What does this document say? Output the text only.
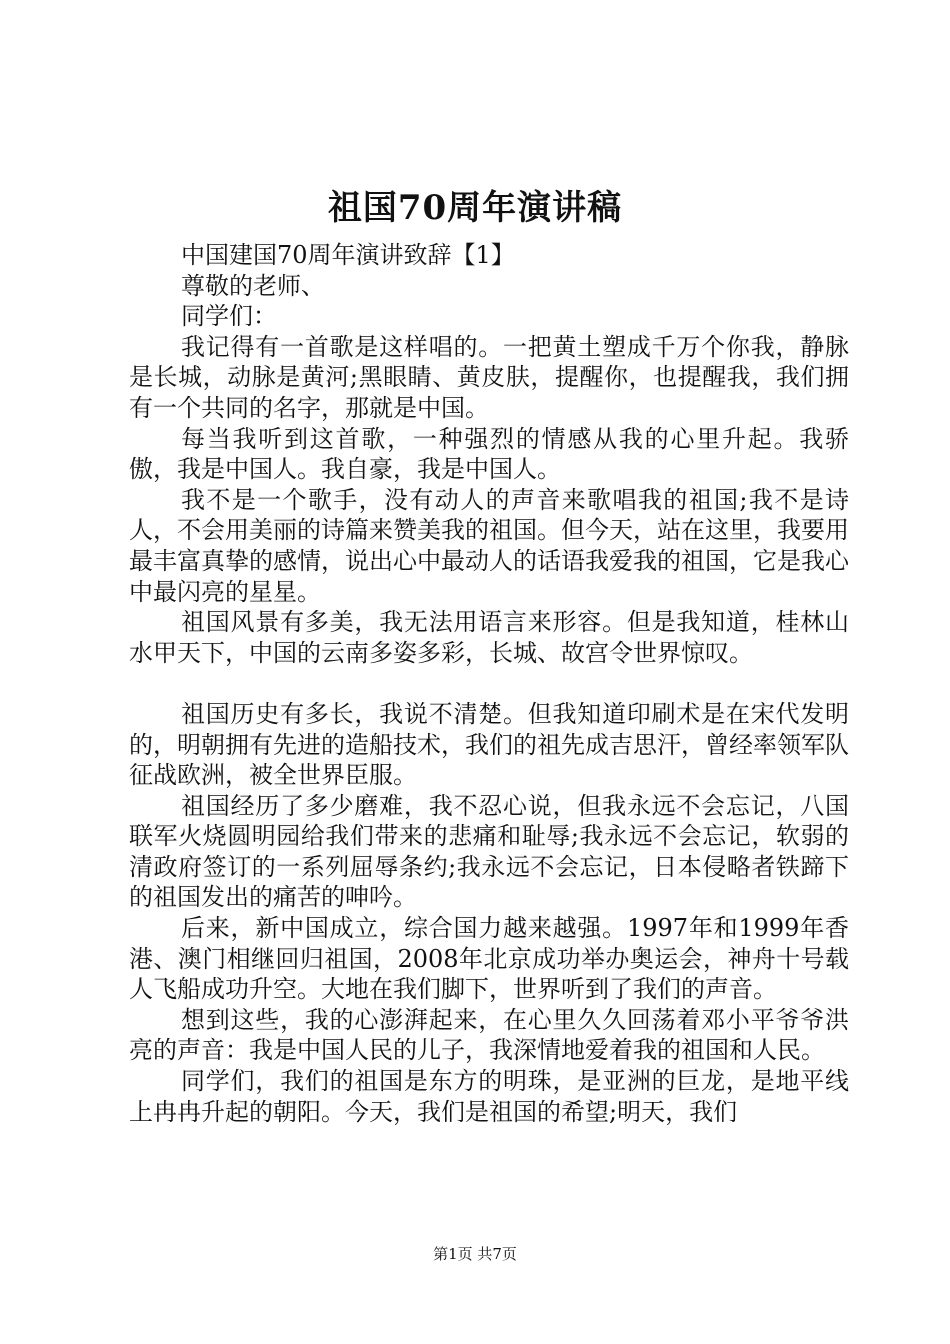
祖国70周年演讲稿

中国建国70周年演讲致辞【1】

尊敬的老师、

同学们：

我记得有一首歌是这样唱的。一把黄土塑成千万个你我，静脉是长城，动脉是黄河;黑眼睛、黄皮肤，提醒你，也提醒我，我们拥有一个共同的名字，那就是中国。

每当我听到这首歌，一种强烈的情感从我的心里升起。我骄傲，我是中国人。我自豪，我是中国人。

我不是一个歌手，没有动人的声音来歌唱我的祖国;我不是诗人，不会用美丽的诗篇来赞美我的祖国。但今天，站在这里，我要用最丰富真挚的感情，说出心中最动人的话语我爱我的祖国，它是我心中最闪亮的星星。

祖国风景有多美，我无法用语言来形容。但是我知道，桂林山水甲天下，中国的云南多姿多彩，长城、故宫令世界惊叹。

祖国历史有多长，我说不清楚。但我知道印刷术是在宋代发明的，明朝拥有先进的造船技术，我们的祖先成吉思汗，曾经率领军队征战欧洲，被全世界臣服。

祖国经历了多少磨难，我不忍心说，但我永远不会忘记，八国联军火烧圆明园给我们带来的悲痛和耻辱;我永远不会忘记，软弱的清政府签订的一系列屈辱条约;我永远不会忘记，日本侵略者铁蹄下的祖国发出的痛苦的呻吟。

后来，新中国成立，综合国力越来越强。1997年和1999年香港、澳门相继回归祖国，2008年北京成功举办奥运会，神舟十号载人飞船成功升空。大地在我们脚下，世界听到了我们的声音。

想到这些，我的心澎湃起来，在心里久久回荡着邓小平爷爷洪亮的声音：我是中国人民的儿子，我深情地爱着我的祖国和人民。

同学们，我们的祖国是东方的明珠，是亚洲的巨龙，是地平线上冉冉升起的朝阳。今天，我们是祖国的希望;明天，我们

第1页 共7页
